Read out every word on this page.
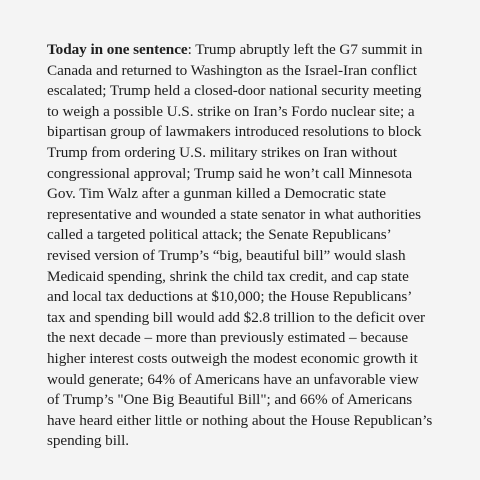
Today in one sentence: Trump abruptly left the G7 summit in Canada and returned to Washington as the Israel-Iran conflict escalated; Trump held a closed-door national security meeting to weigh a possible U.S. strike on Iran’s Fordo nuclear site; a bipartisan group of lawmakers introduced resolutions to block Trump from ordering U.S. military strikes on Iran without congressional approval; Trump said he won’t call Minnesota Gov. Tim Walz after a gunman killed a Democratic state representative and wounded a state senator in what authorities called a targeted political attack; the Senate Republicans’ revised version of Trump’s “big, beautiful bill” would slash Medicaid spending, shrink the child tax credit, and cap state and local tax deductions at $10,000; the House Republicans’ tax and spending bill would add $2.8 trillion to the deficit over the next decade – more than previously estimated – because higher interest costs outweigh the modest economic growth it would generate; 64% of Americans have an unfavorable view of Trump’s "One Big Beautiful Bill"; and 66% of Americans have heard either little or nothing about the House Republican’s spending bill.
